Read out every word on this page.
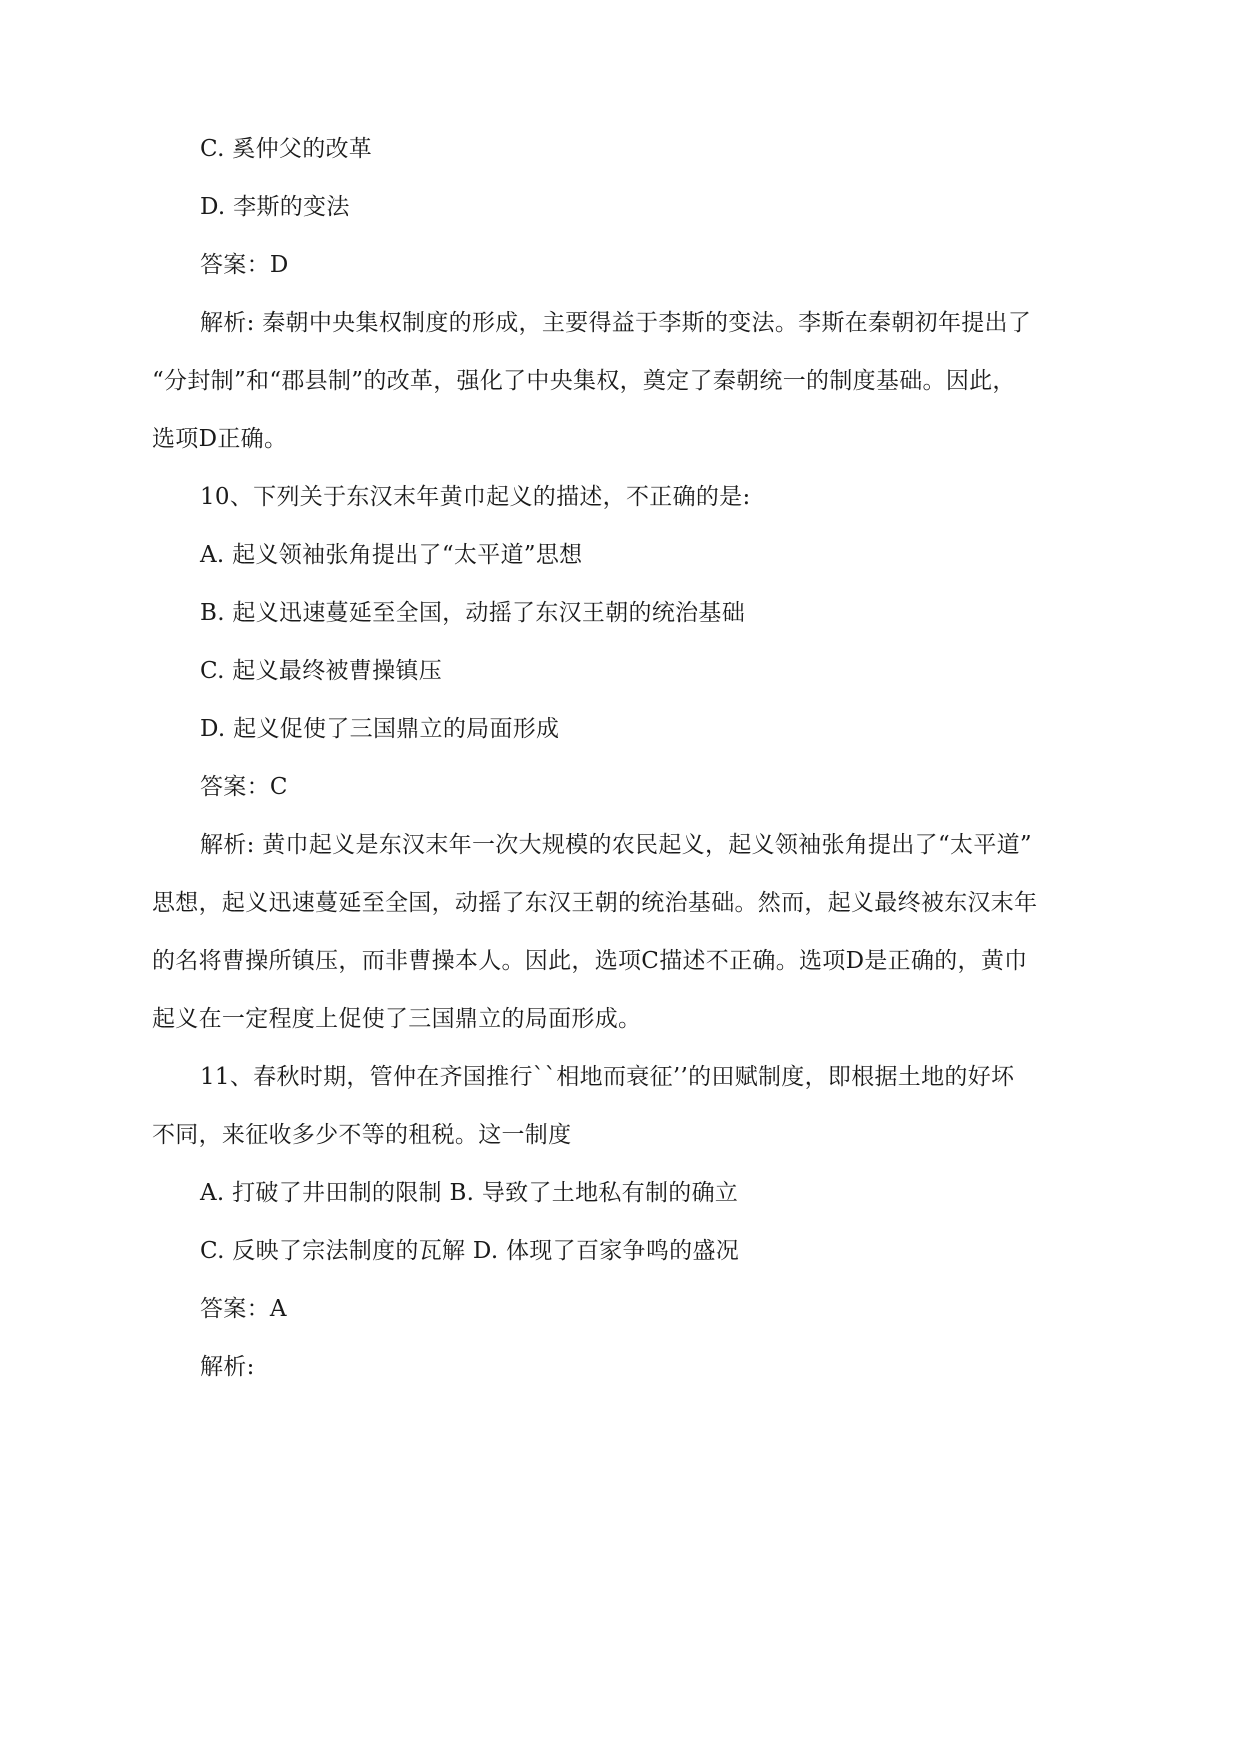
C. 奚仲父的改革
D. 李斯的变法
答案：D
解析: 秦朝中央集权制度的形成，主要得益于李斯的变法。李斯在秦朝初年提出了
“分封制”和“郡县制”的改革，强化了中央集权，奠定了秦朝统一的制度基础。因此，
选项D正确。
10、下列关于东汉末年黄巾起义的描述，不正确的是:
A. 起义领袖张角提出了“太平道”思想
B. 起义迅速蔓延至全国，动摇了东汉王朝的统治基础
C. 起义最终被曹操镇压
D. 起义促使了三国鼎立的局面形成
答案：C
解析: 黄巾起义是东汉末年一次大规模的农民起义，起义领袖张角提出了“太平道”
思想，起义迅速蔓延至全国，动摇了东汉王朝的统治基础。然而，起义最终被东汉末年
的名将曹操所镇压，而非曹操本人。因此，选项C描述不正确。选项D是正确的，黄巾
起义在一定程度上促使了三国鼎立的局面形成。
11、春秋时期，管仲在齐国推行``相地而衰征’’的田赋制度，即根据土地的好坏
不同，来征收多少不等的租税。这一制度
A. 打破了井田制的限制 B. 导致了土地私有制的确立
C. 反映了宗法制度的瓦解 D. 体现了百家争鸣的盛况
答案：A
解析:
